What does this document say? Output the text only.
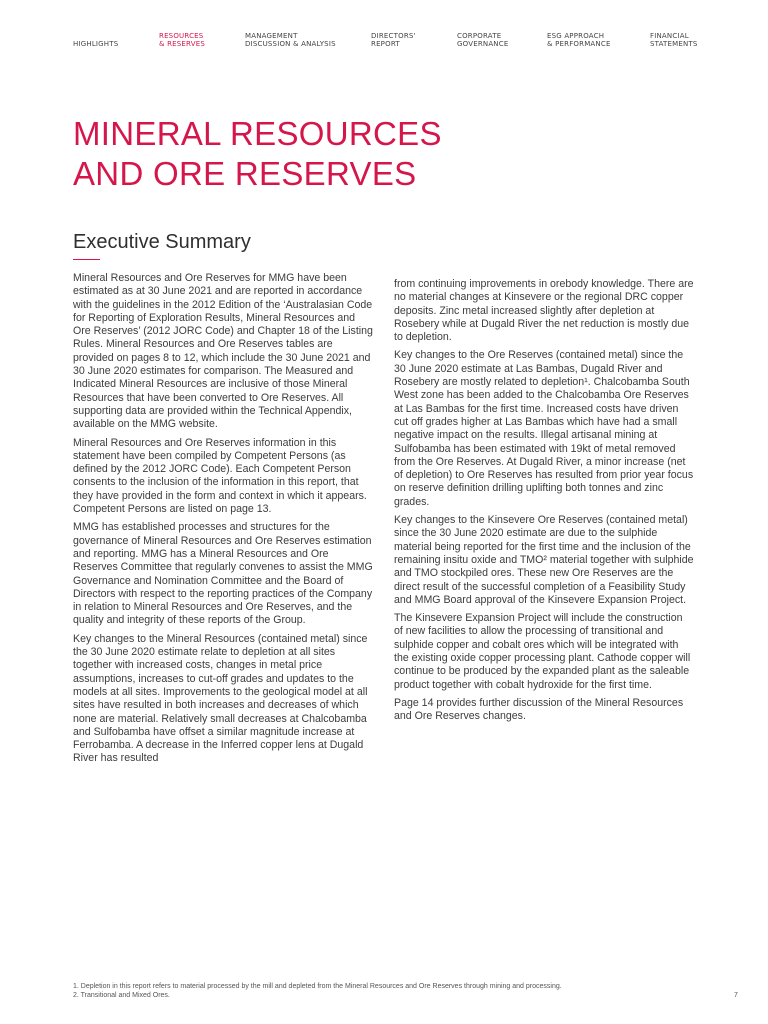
HIGHLIGHTS
RESOURCES
& RESERVES
MANAGEMENT
DISCUSSION & ANALYSIS
DIRECTORS'
REPORT
CORPORATE
GOVERNANCE
ESG APPROACH
& PERFORMANCE
FINANCIAL
STATEMENTS
MINERAL RESOURCES
AND ORE RESERVES
Executive Summary

Mineral Resources and Ore Reserves for MMG have been estimated as at 30 June 2021 and are reported in accordance with the guidelines in the 2012 Edition of the ‘Australasian Code for Reporting of Exploration Results, Mineral Resources and Ore Reserves’ (2012 JORC Code) and Chapter 18 of the Listing Rules. Mineral Resources and Ore Reserves tables are provided on pages 8 to 12, which include the 30 June 2021 and 30 June 2020 estimates for comparison. The Measured and Indicated Mineral Resources are inclusive of those Mineral Resources that have been converted to Ore Reserves. All supporting data are provided within the Technical Appendix, available on the MMG website.

Mineral Resources and Ore Reserves information in this statement have been compiled by Competent Persons (as defined by the 2012 JORC Code). Each Competent Person consents to the inclusion of the information in this report, that they have provided in the form and context in which it appears. Competent Persons are listed on page 13.

MMG has established processes and structures for the governance of Mineral Resources and Ore Reserves estimation and reporting. MMG has a Mineral Resources and Ore Reserves Committee that regularly convenes to assist the MMG Governance and Nomination Committee and the Board of Directors with respect to the reporting practices of the Company in relation to Mineral Resources and Ore Reserves, and the quality and integrity of these reports of the Group.

Key changes to the Mineral Resources (contained metal) since the 30 June 2020 estimate relate to depletion at all sites together with increased costs, changes in metal price assumptions, increases to cut-off grades and updates to the models at all sites. Improvements to the geological model at all sites have resulted in both increases and decreases of which none are material. Relatively small decreases at Chalcobamba and Sulfobamba have offset a similar magnitude increase at Ferrobamba. A decrease in the Inferred copper lens at Dugald River has resulted

from continuing improvements in orebody knowledge. There are no material changes at Kinsevere or the regional DRC copper deposits. Zinc metal increased slightly after depletion at Rosebery while at Dugald River the net reduction is mostly due to depletion.

Key changes to the Ore Reserves (contained metal) since the 30 June 2020 estimate at Las Bambas, Dugald River and Rosebery are mostly related to depletion¹. Chalcobamba South West zone has been added to the Chalcobamba Ore Reserves at Las Bambas for the first time. Increased costs have driven cut off grades higher at Las Bambas which have had a small negative impact on the results. Illegal artisanal mining at Sulfobamba has been estimated with 19kt of metal removed from the Ore Reserves. At Dugald River, a minor increase (net of depletion) to Ore Reserves has resulted from prior year focus on reserve definition drilling uplifting both tonnes and zinc grades.

Key changes to the Kinsevere Ore Reserves (contained metal) since the 30 June 2020 estimate are due to the sulphide material being reported for the first time and the inclusion of the remaining insitu oxide and TMO² material together with sulphide and TMO stockpiled ores. These new Ore Reserves are the direct result of the successful completion of a Feasibility Study and MMG Board approval of the Kinsevere Expansion Project.

The Kinsevere Expansion Project will include the construction of new facilities to allow the processing of transitional and sulphide copper and cobalt ores which will be integrated with the existing oxide copper processing plant. Cathode copper will continue to be produced by the expanded plant as the saleable product together with cobalt hydroxide for the first time.

Page 14 provides further discussion of the Mineral Resources and Ore Reserves changes.

1. Depletion in this report refers to material processed by the mill and depleted from the Mineral Resources and Ore Reserves through mining and processing.

2. Transitional and Mixed Ores.	7
